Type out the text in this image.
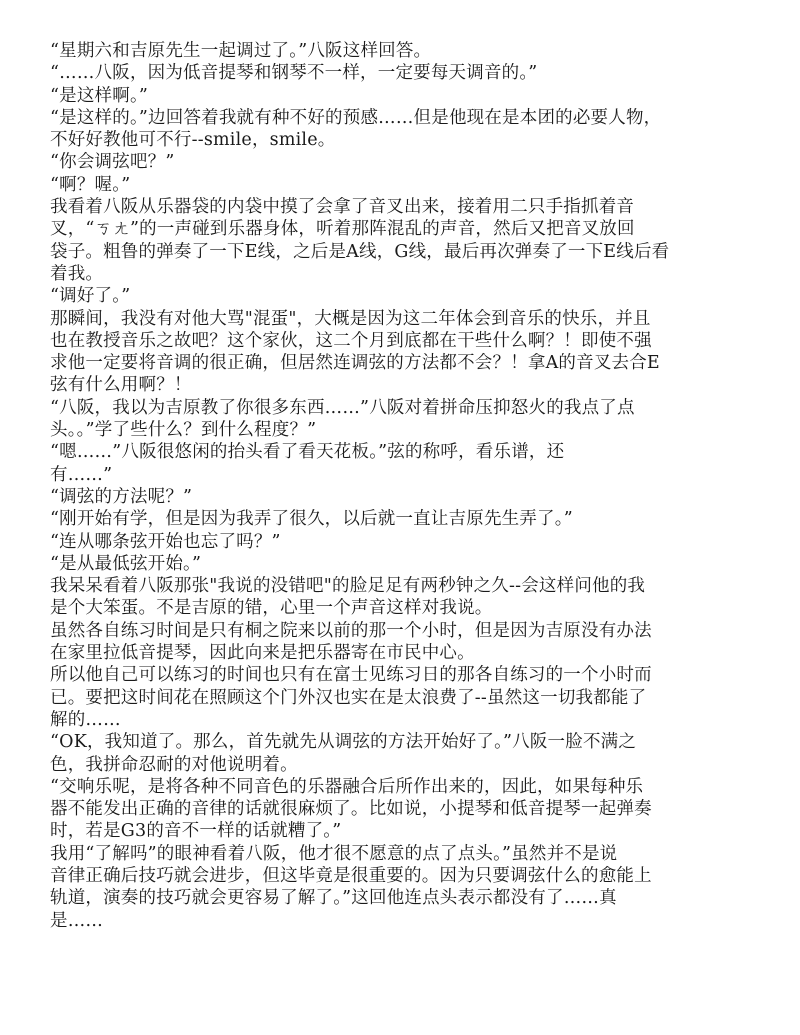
“星期六和吉原先生一起调过了。”八阪这样回答。
“……八阪，因为低音提琴和钢琴不一样，一定要每天调音的。”
“是这样啊。”
“是这样的。”边回答着我就有种不好的预感……但是他现在是本团的必要人物，
不好好教他可不行--smile，smile。
“你会调弦吧？”
“啊？喔。”
我看着八阪从乐器袋的内袋中摸了会拿了音叉出来，接着用二只手指抓着音
叉，“ㄎㄤ”的一声碰到乐器身体，听着那阵混乱的声音，然后又把音叉放回
袋子。粗鲁的弹奏了一下E线，之后是A线，G线，最后再次弹奏了一下E线后看
着我。
“调好了。”
那瞬间，我没有对他大骂"混蛋"，大概是因为这二年体会到音乐的快乐，并且
也在教授音乐之故吧？这个家伙，这二个月到底都在干些什么啊？！即使不强
求他一定要将音调的很正确，但居然连调弦的方法都不会？！拿A的音叉去合E
弦有什么用啊？！
“八阪，我以为吉原教了你很多东西……”八阪对着拼命压抑怒火的我点了点
头。。”学了些什么？到什么程度？”
“嗯……”八阪很悠闲的抬头看了看天花板。”弦的称呼，看乐谱，还
有……”
“调弦的方法呢？”
“刚开始有学，但是因为我弄了很久，以后就一直让吉原先生弄了。”
“连从哪条弦开始也忘了吗？”
“是从最低弦开始。”
我呆呆看着八阪那张"我说的没错吧"的脸足足有两秒钟之久--会这样问他的我
是个大笨蛋。不是吉原的错，心里一个声音这样对我说。
虽然各自练习时间是只有桐之院来以前的那一个小时，但是因为吉原没有办法
在家里拉低音提琴，因此向来是把乐器寄在市民中心。
所以他自己可以练习的时间也只有在富士见练习日的那各自练习的一个小时而
已。要把这时间花在照顾这个门外汉也实在是太浪费了--虽然这一切我都能了
解的……
“OK，我知道了。那么，首先就先从调弦的方法开始好了。”八阪一脸不满之
色，我拼命忍耐的对他说明着。
“交响乐呢，是将各种不同音色的乐器融合后所作出来的，因此，如果每种乐
器不能发出正确的音律的话就很麻烦了。比如说，小提琴和低音提琴一起弹奏
时，若是G3的音不一样的话就糟了。”
我用“了解吗”的眼神看着八阪，他才很不愿意的点了点头。”虽然并不是说
音律正确后技巧就会进步，但这毕竟是很重要的。因为只要调弦什么的愈能上
轨道，演奏的技巧就会更容易了解了。”这回他连点头表示都没有了……真
是……
